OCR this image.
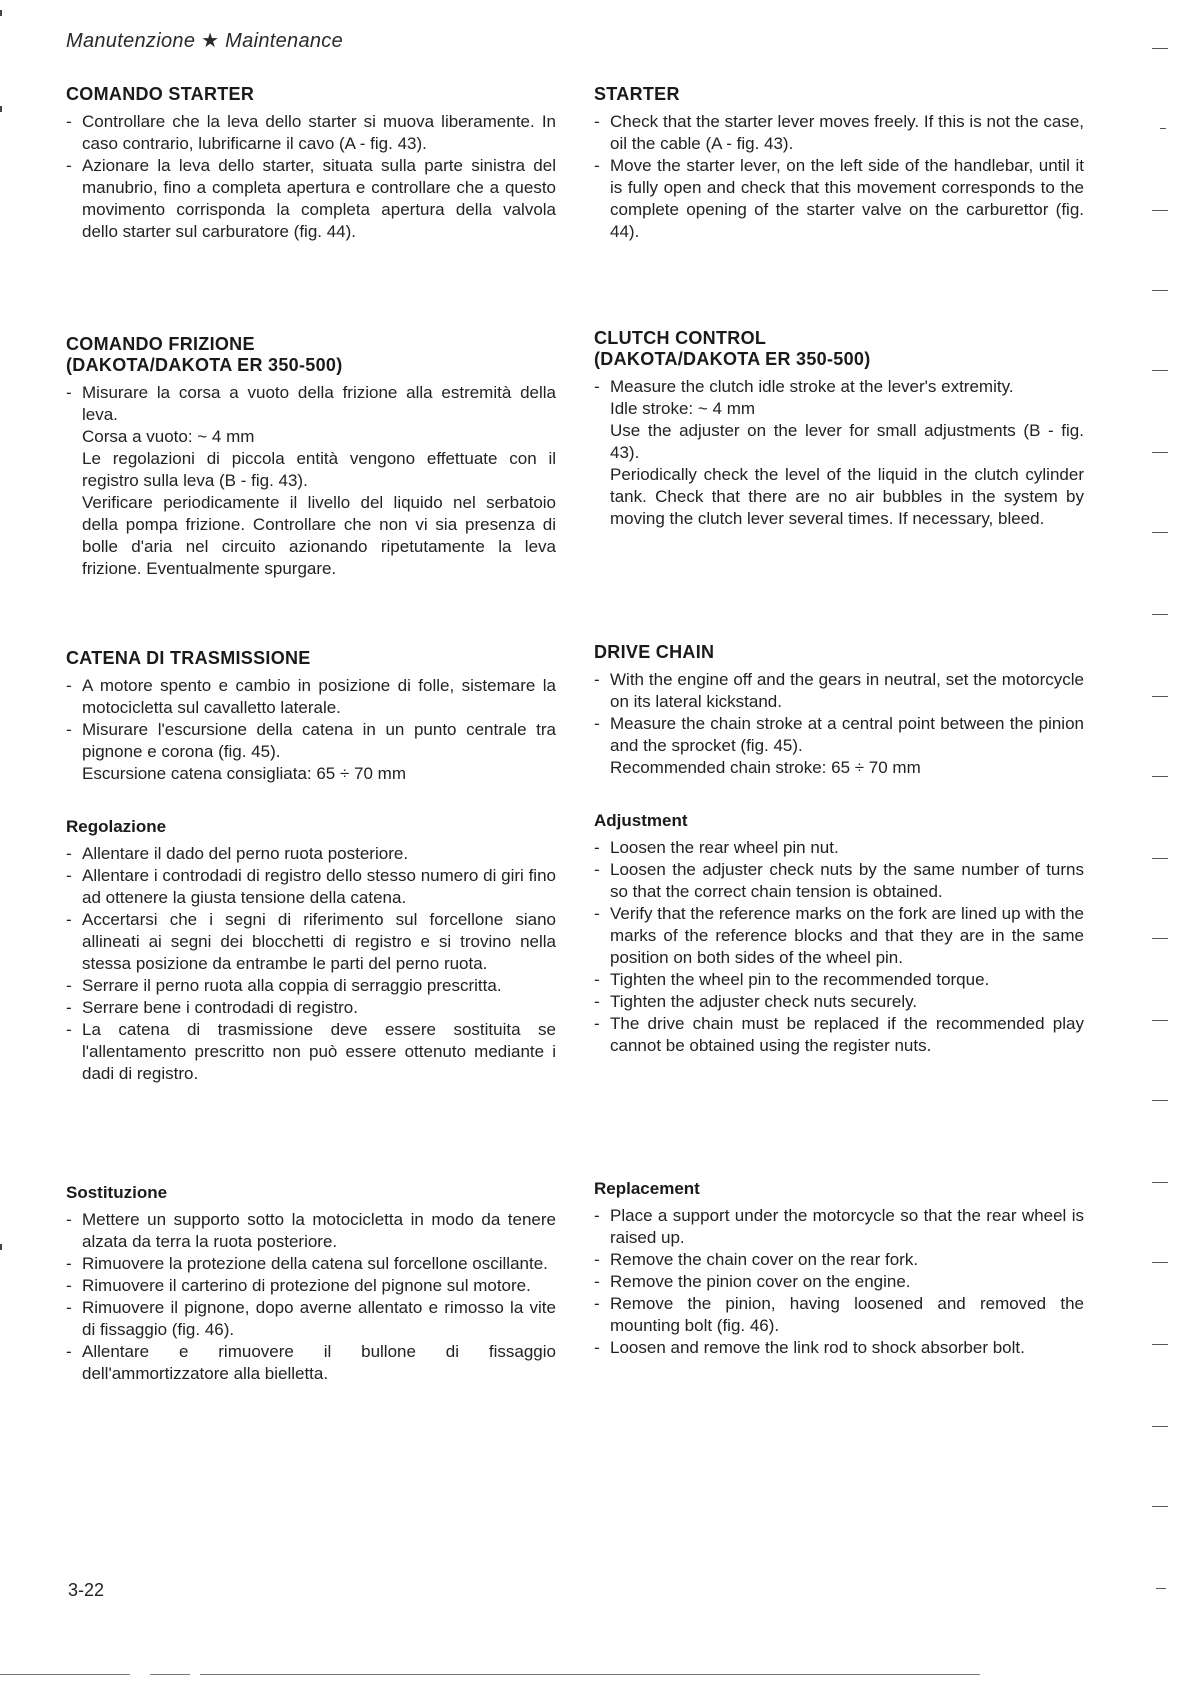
Manutenzione ★ Maintenance
COMANDO STARTER
- Controllare che la leva dello starter si muova liberamente. In caso contrario, lubrificarne il cavo (A - fig. 43).
- Azionare la leva dello starter, situata sulla parte sinistra del manubrio, fino a completa apertura e controllare che a questo movimento corrisponda la completa apertura della valvola dello starter sul carburatore (fig. 44).
COMANDO FRIZIONE
(DAKOTA/DAKOTA ER 350-500)
- Misurare la corsa a vuoto della frizione alla estremità della leva.
Corsa a vuoto: ~ 4 mm
Le regolazioni di piccola entità vengono effettuate con il registro sulla leva (B - fig. 43).
Verificare periodicamente il livello del liquido nel serbatoio della pompa frizione. Controllare che non vi sia presenza di bolle d'aria nel circuito azionando ripetutamente la leva frizione. Eventualmente spurgare.
CATENA DI TRASMISSIONE
- A motore spento e cambio in posizione di folle, sistemare la motocicletta sul cavalletto laterale.
- Misurare l'escursione della catena in un punto centrale tra pignone e corona (fig. 45).
Escursione catena consigliata: 65 ÷ 70 mm
Regolazione
- Allentare il dado del perno ruota posteriore.
- Allentare i controdadi di registro dello stesso numero di giri fino ad ottenere la giusta tensione della catena.
- Accertarsi che i segni di riferimento sul forcellone siano allineati ai segni dei blocchetti di registro e si trovino nella stessa posizione da entrambe le parti del perno ruota.
- Serrare il perno ruota alla coppia di serraggio prescritta.
- Serrare bene i controdadi di registro.
- La catena di trasmissione deve essere sostituita se l'allentamento prescritto non può essere ottenuto mediante i dadi di registro.
Sostituzione
- Mettere un supporto sotto la motocicletta in modo da tenere alzata da terra la ruota posteriore.
- Rimuovere la protezione della catena sul forcellone oscillante.
- Rimuovere il carterino di protezione del pignone sul motore.
- Rimuovere il pignone, dopo averne allentato e rimosso la vite di fissaggio (fig. 46).
- Allentare e rimuovere il bullone di fissaggio dell'ammortizzatore alla bielletta.
STARTER
- Check that the starter lever moves freely. If this is not the case, oil the cable (A - fig. 43).
- Move the starter lever, on the left side of the handlebar, until it is fully open and check that this movement corresponds to the complete opening of the starter valve on the carburettor (fig. 44).
CLUTCH CONTROL
(DAKOTA/DAKOTA ER 350-500)
- Measure the clutch idle stroke at the lever's extremity.
Idle stroke: ~ 4 mm
Use the adjuster on the lever for small adjustments (B - fig. 43).
Periodically check the level of the liquid in the clutch cylinder tank. Check that there are no air bubbles in the system by moving the clutch lever several times. If necessary, bleed.
DRIVE CHAIN
- With the engine off and the gears in neutral, set the motorcycle on its lateral kickstand.
- Measure the chain stroke at a central point between the pinion and the sprocket (fig. 45).
Recommended chain stroke: 65 ÷ 70 mm
Adjustment
- Loosen the rear wheel pin nut.
- Loosen the adjuster check nuts by the same number of turns so that the correct chain tension is obtained.
- Verify that the reference marks on the fork are lined up with the marks of the reference blocks and that they are in the same position on both sides of the wheel pin.
- Tighten the wheel pin to the recommended torque.
- Tighten the adjuster check nuts securely.
- The drive chain must be replaced if the recommended play cannot be obtained using the register nuts.
Replacement
- Place a support under the motorcycle so that the rear wheel is raised up.
- Remove the chain cover on the rear fork.
- Remove the pinion cover on the engine.
- Remove the pinion, having loosened and removed the mounting bolt (fig. 46).
- Loosen and remove the link rod to shock absorber bolt.
3-22
